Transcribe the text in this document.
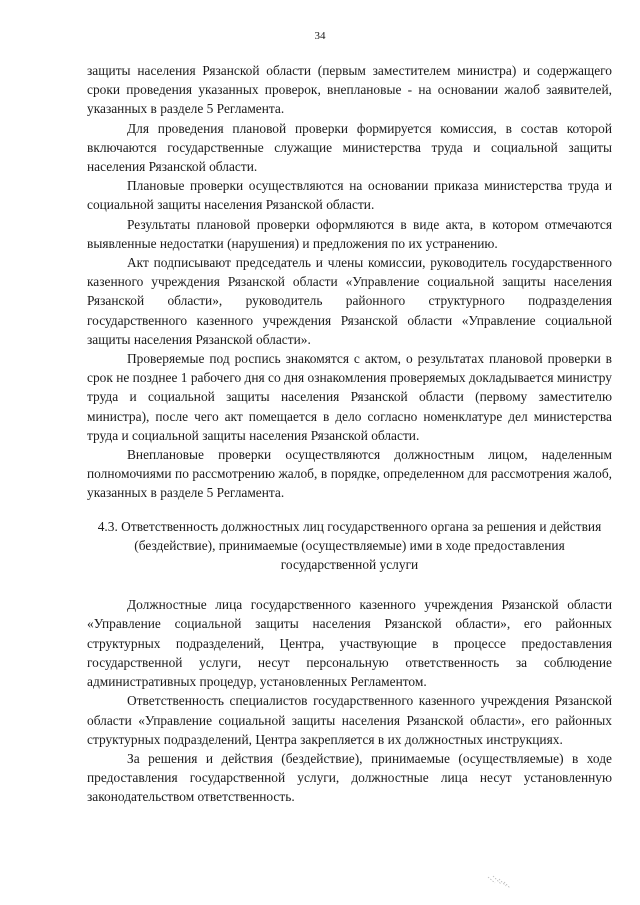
34

защиты населения Рязанской области (первым заместителем министра) и содержащего сроки проведения указанных проверок, внеплановые - на основании жалоб заявителей, указанных в разделе 5 Регламента.

Для проведения плановой проверки формируется комиссия, в состав которой включаются государственные служащие министерства труда и социальной защиты населения Рязанской области.

Плановые проверки осуществляются на основании приказа министерства труда и социальной защиты населения Рязанской области.

Результаты плановой проверки оформляются в виде акта, в котором отмечаются выявленные недостатки (нарушения) и предложения по их устранению.

Акт подписывают председатель и члены комиссии, руководитель государственного казенного учреждения Рязанской области «Управление социальной защиты населения Рязанской области», руководитель районного структурного подразделения государственного казенного учреждения Рязанской области «Управление социальной защиты населения Рязанской области».

Проверяемые под роспись знакомятся с актом, о результатах плановой проверки в срок не позднее 1 рабочего дня со дня ознакомления проверяемых докладывается министру труда и социальной защиты населения Рязанской области (первому заместителю министра), после чего акт помещается в дело согласно номенклатуре дел министерства труда и социальной защиты населения Рязанской области.

Внеплановые проверки осуществляются должностным лицом, наделенным полномочиями по рассмотрению жалоб, в порядке, определенном для рассмотрения жалоб, указанных в разделе 5 Регламента.

4.3. Ответственность должностных лиц государственного органа за решения и действия (бездействие), принимаемые (осуществляемые) ими в ходе предоставления государственной услуги

Должностные лица государственного казенного учреждения Рязанской области «Управление социальной защиты населения Рязанской области», его районных структурных подразделений, Центра, участвующие в процессе предоставления государственной услуги, несут персональную ответственность за соблюдение административных процедур, установленных Регламентом.

Ответственность специалистов государственного казенного учреждения Рязанской области «Управление социальной защиты населения Рязанской области», его районных структурных подразделений, Центра закрепляется в их должностных инструкциях.

За решения и действия (бездействие), принимаемые (осуществляемые) в ходе предоставления государственной услуги, должностные лица несут установленную законодательством ответственность.
